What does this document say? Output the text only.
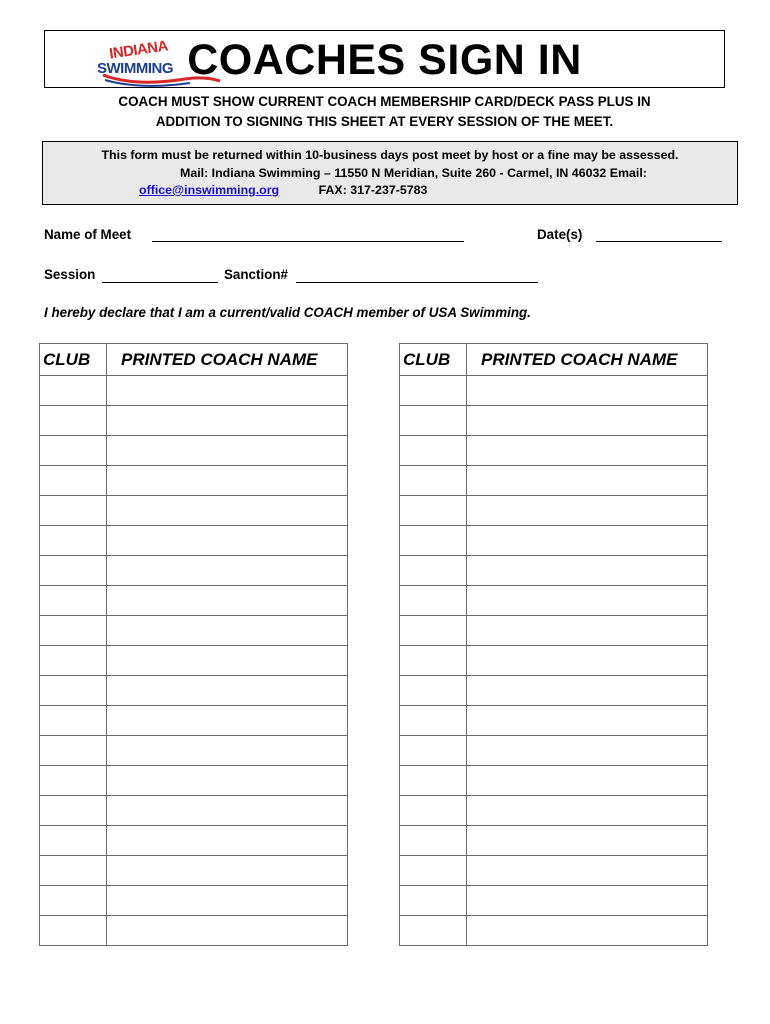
INDIANA
SWIMMING COACHES SIGN IN
COACH MUST SHOW CURRENT COACH MEMBERSHIP CARD/DECK PASS PLUS IN
ADDITION TO SIGNING THIS SHEET AT EVERY SESSION OF THE MEET.
This form must be returned within 10-business days post meet by host or a fine may be assessed.
Mail: Indiana Swimming – 11550 N Meridian, Suite 260 - Carmel, IN 46032 Email:
office@inswimming.org	FAX: 317-237-5783
Name of Meet	Date(s)
Session	Sanction#
I hereby declare that I am a current/valid COACH member of USA Swimming.
CLUB	PRINTED COACH NAME

		CLUB	PRINTED COACH NAME
